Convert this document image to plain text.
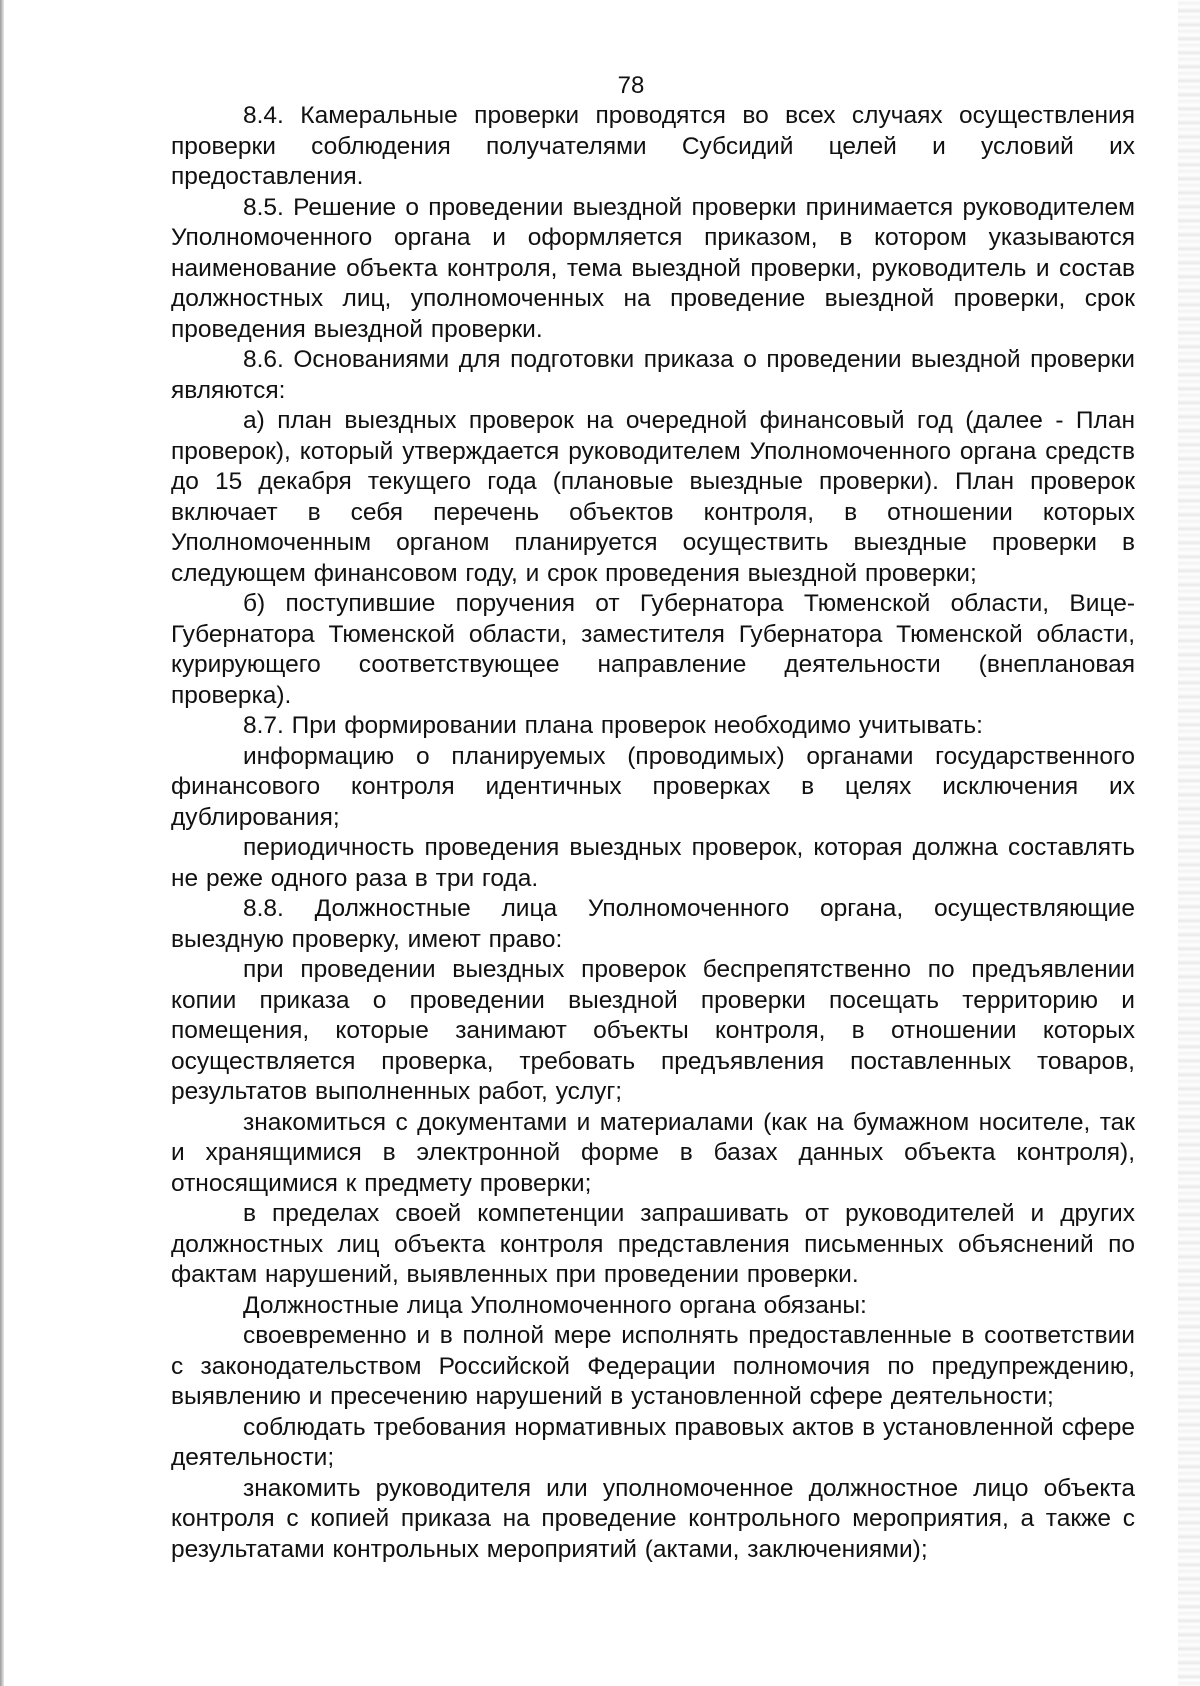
78

8.4. Камеральные проверки проводятся во всех случаях осуществления проверки соблюдения получателями Субсидий целей и условий их предоставления.

8.5. Решение о проведении выездной проверки принимается руководителем Уполномоченного органа и оформляется приказом, в котором указываются наименование объекта контроля, тема выездной проверки, руководитель и состав должностных лиц, уполномоченных на проведение выездной проверки, срок проведения выездной проверки.

8.6. Основаниями для подготовки приказа о проведении выездной проверки являются:

а) план выездных проверок на очередной финансовый год (далее - План проверок), который утверждается руководителем Уполномоченного органа средств до 15 декабря текущего года (плановые выездные проверки). План проверок включает в себя перечень объектов контроля, в отношении которых Уполномоченным органом планируется осуществить выездные проверки в следующем финансовом году, и срок проведения выездной проверки;

б) поступившие поручения от Губернатора Тюменской области, Вице-Губернатора Тюменской области, заместителя Губернатора Тюменской области, курирующего соответствующее направление деятельности (внеплановая проверка).

8.7. При формировании плана проверок необходимо учитывать:

информацию о планируемых (проводимых) органами государственного финансового контроля идентичных проверках в целях исключения их дублирования;

периодичность проведения выездных проверок, которая должна составлять не реже одного раза в три года.

8.8. Должностные лица Уполномоченного органа, осуществляющие выездную проверку, имеют право:

при проведении выездных проверок беспрепятственно по предъявлении копии приказа о проведении выездной проверки посещать территорию и помещения, которые занимают объекты контроля, в отношении которых осуществляется проверка, требовать предъявления поставленных товаров, результатов выполненных работ, услуг;

знакомиться с документами и материалами (как на бумажном носителе, так и хранящимися в электронной форме в базах данных объекта контроля), относящимися к предмету проверки;

в пределах своей компетенции запрашивать от руководителей и других должностных лиц объекта контроля представления письменных объяснений по фактам нарушений, выявленных при проведении проверки.

Должностные лица Уполномоченного органа обязаны:

своевременно и в полной мере исполнять предоставленные в соответствии с законодательством Российской Федерации полномочия по предупреждению, выявлению и пресечению нарушений в установленной сфере деятельности;

соблюдать требования нормативных правовых актов в установленной сфере деятельности;

знакомить руководителя или уполномоченное должностное лицо объекта контроля с копией приказа на проведение контрольного мероприятия, а также с результатами контрольных мероприятий (актами, заключениями);
